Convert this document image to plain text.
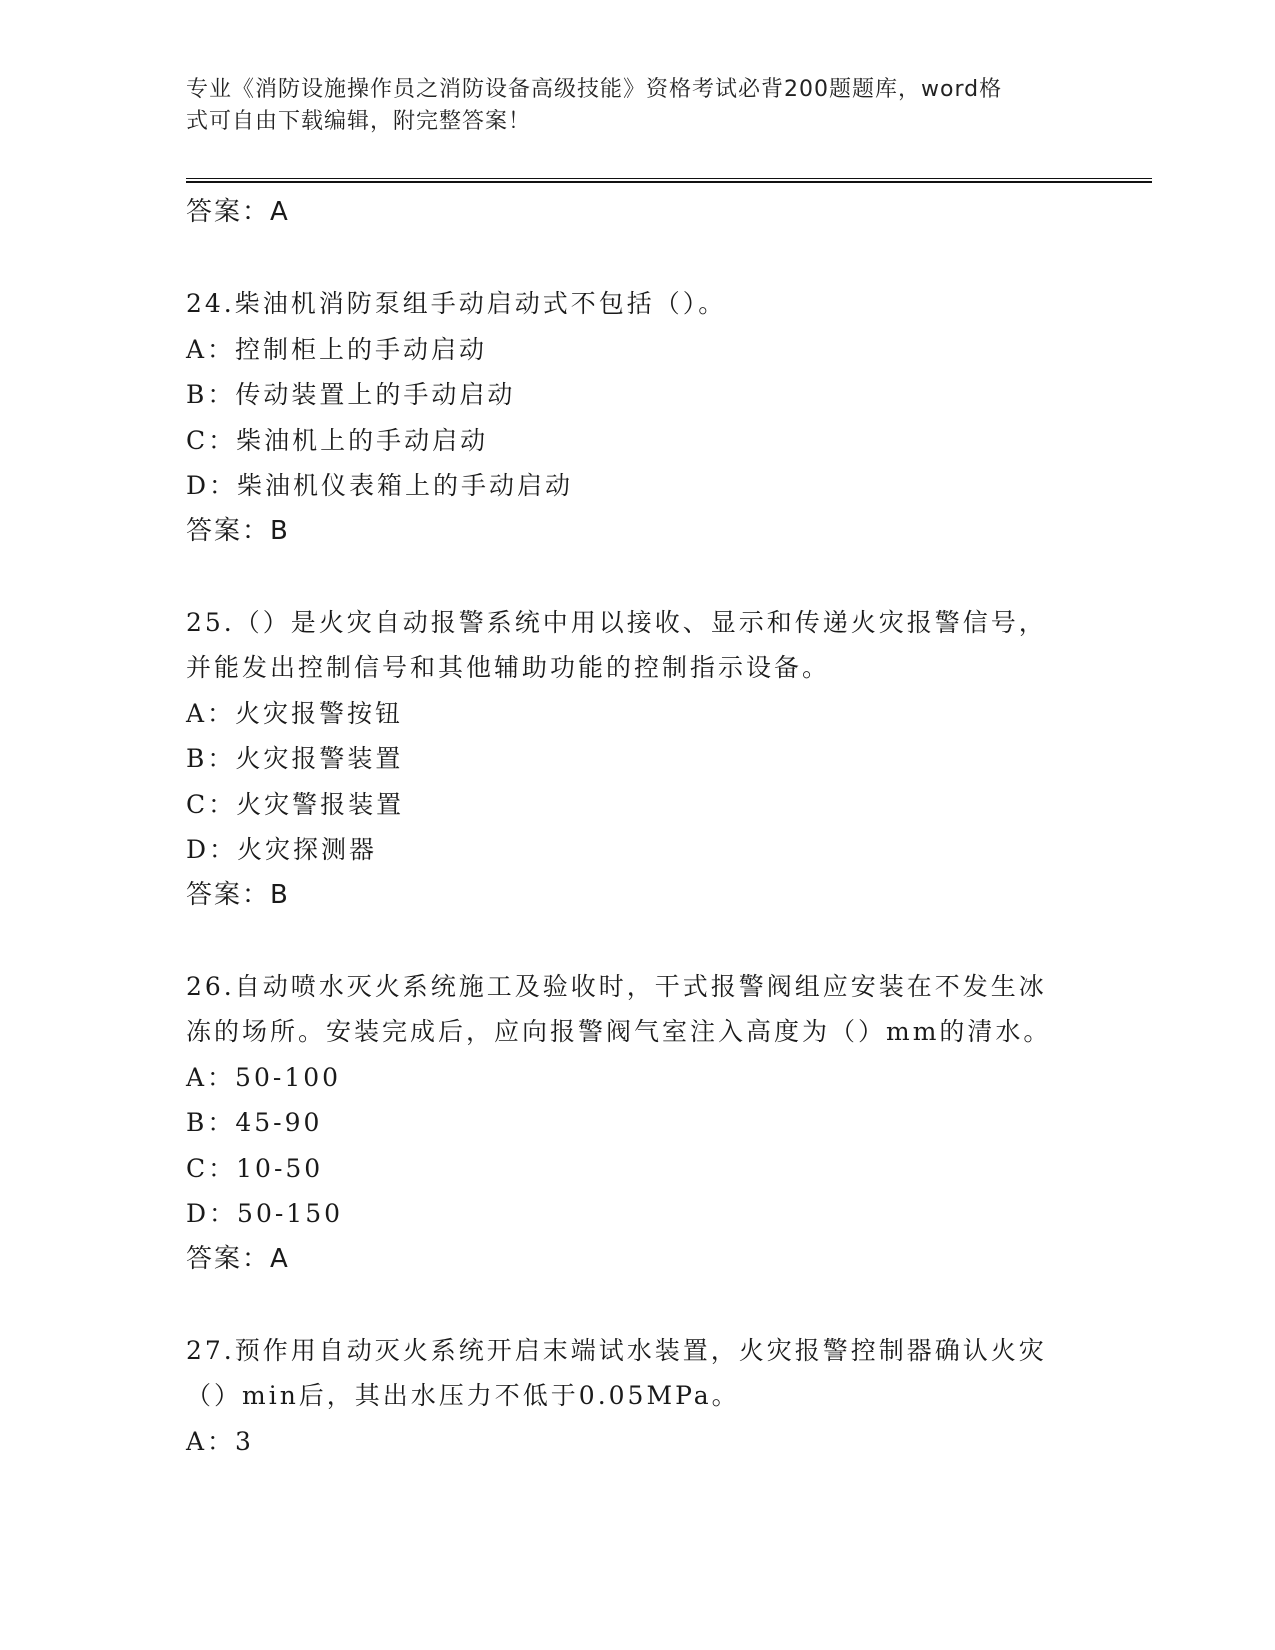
专业《消防设施操作员之消防设备高级技能》资格考试必背200题题库，word格
式可自由下载编辑，附完整答案！
答案：A
24.柴油机消防泵组手动启动式不包括（）。
A：控制柜上的手动启动
B：传动装置上的手动启动
C：柴油机上的手动启动
D：柴油机仪表箱上的手动启动
答案：B
25.（）是火灾自动报警系统中用以接收、显示和传递火灾报警信号，
并能发出控制信号和其他辅助功能的控制指示设备。
A：火灾报警按钮
B：火灾报警装置
C：火灾警报装置
D：火灾探测器
答案：B
26.自动喷水灭火系统施工及验收时，干式报警阀组应安装在不发生冰
冻的场所。安装完成后，应向报警阀气室注入高度为（）mm的清水。
A：50-100
B：45-90
C：10-50
D：50-150
答案：A
27.预作用自动灭火系统开启末端试水装置，火灾报警控制器确认火灾
（）min后，其出水压力不低于0.05MPa。
A：3
